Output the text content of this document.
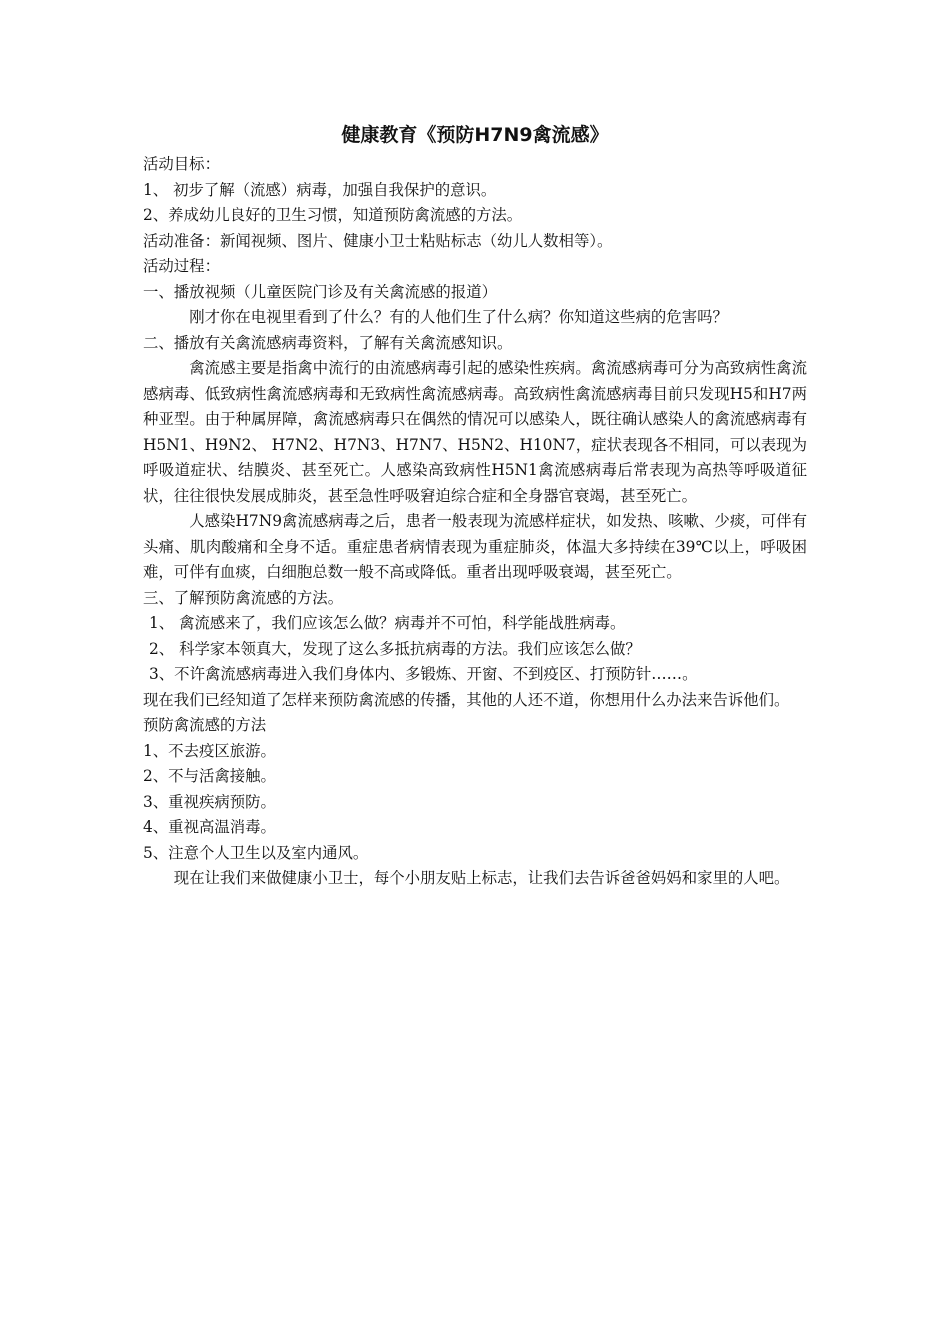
健康教育《预防H7N9禽流感》
活动目标：
1、 初步了解（流感）病毒，加强自我保护的意识。
2、养成幼儿良好的卫生习惯，知道预防禽流感的方法。
活动准备：新闻视频、图片、健康小卫士粘贴标志（幼儿人数相等）。
活动过程：
一、播放视频（儿童医院门诊及有关禽流感的报道）
刚才你在电视里看到了什么？有的人他们生了什么病？你知道这些病的危害吗？
二、播放有关禽流感病毒资料，了解有关禽流感知识。
禽流感主要是指禽中流行的由流感病毒引起的感染性疾病。禽流感病毒可分为高致病性禽流感病毒、低致病性禽流感病毒和无致病性禽流感病毒。高致病性禽流感病毒目前只发现H5和H7两种亚型。由于种属屏障，禽流感病毒只在偶然的情况可以感染人，既往确认感染人的禽流感病毒有H5N1、H9N2、 H7N2、H7N3、H7N7、H5N2、H10N7，症状表现各不相同，可以表现为呼吸道症状、结膜炎、甚至死亡。人感染高致病性H5N1禽流感病毒后常表现为高热等呼吸道征状，往往很快发展成肺炎，甚至急性呼吸窘迫综合症和全身器官衰竭，甚至死亡。
人感染H7N9禽流感病毒之后，患者一般表现为流感样症状，如发热、咳嗽、少痰，可伴有头痛、肌肉酸痛和全身不适。重症患者病情表现为重症肺炎，体温大多持续在39℃以上，呼吸困难，可伴有血痰，白细胞总数一般不高或降低。重者出现呼吸衰竭，甚至死亡。
三、了解预防禽流感的方法。
1、 禽流感来了，我们应该怎么做？病毒并不可怕，科学能战胜病毒。
2、 科学家本领真大，发现了这么多抵抗病毒的方法。我们应该怎么做？
3、不许禽流感病毒进入我们身体内、多锻炼、开窗、不到疫区、打预防针……。
现在我们已经知道了怎样来预防禽流感的传播，其他的人还不道，你想用什么办法来告诉他们。
预防禽流感的方法
1、不去疫区旅游。
2、不与活禽接触。
3、重视疾病预防。
4、重视高温消毒。
5、注意个人卫生以及室内通风。
现在让我们来做健康小卫士，每个小朋友贴上标志，让我们去告诉爸爸妈妈和家里的人吧。
